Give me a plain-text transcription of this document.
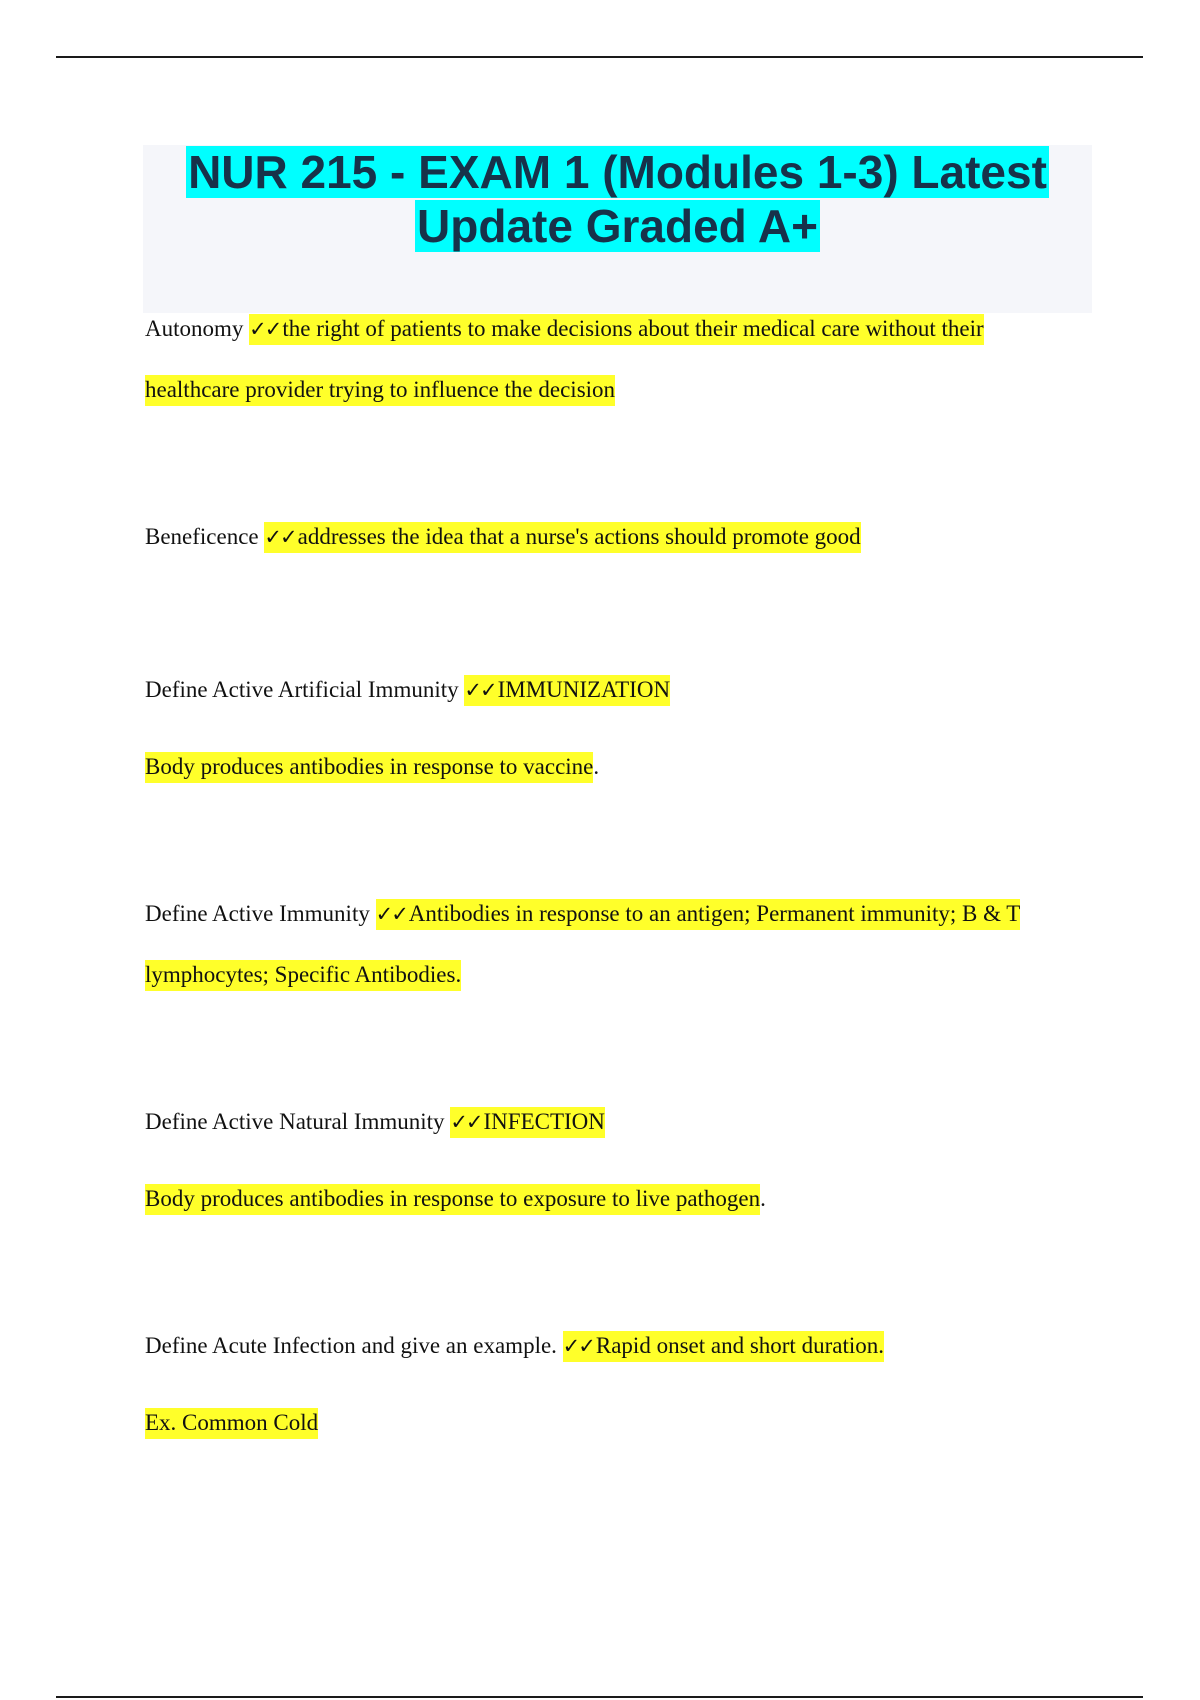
NUR 215 - EXAM 1 (Modules 1-3) Latest
Update Graded A+
Autonomy ✓✓the right of patients to make decisions about their medical care without their
healthcare provider trying to influence the decision
Beneficence ✓✓addresses the idea that a nurse's actions should promote good
Define Active Artificial Immunity ✓✓IMMUNIZATION
Body produces antibodies in response to vaccine.
Define Active Immunity ✓✓Antibodies in response to an antigen; Permanent immunity; B & T
lymphocytes; Specific Antibodies.
Define Active Natural Immunity ✓✓INFECTION
Body produces antibodies in response to exposure to live pathogen.
Define Acute Infection and give an example. ✓✓Rapid onset and short duration.
Ex. Common Cold
